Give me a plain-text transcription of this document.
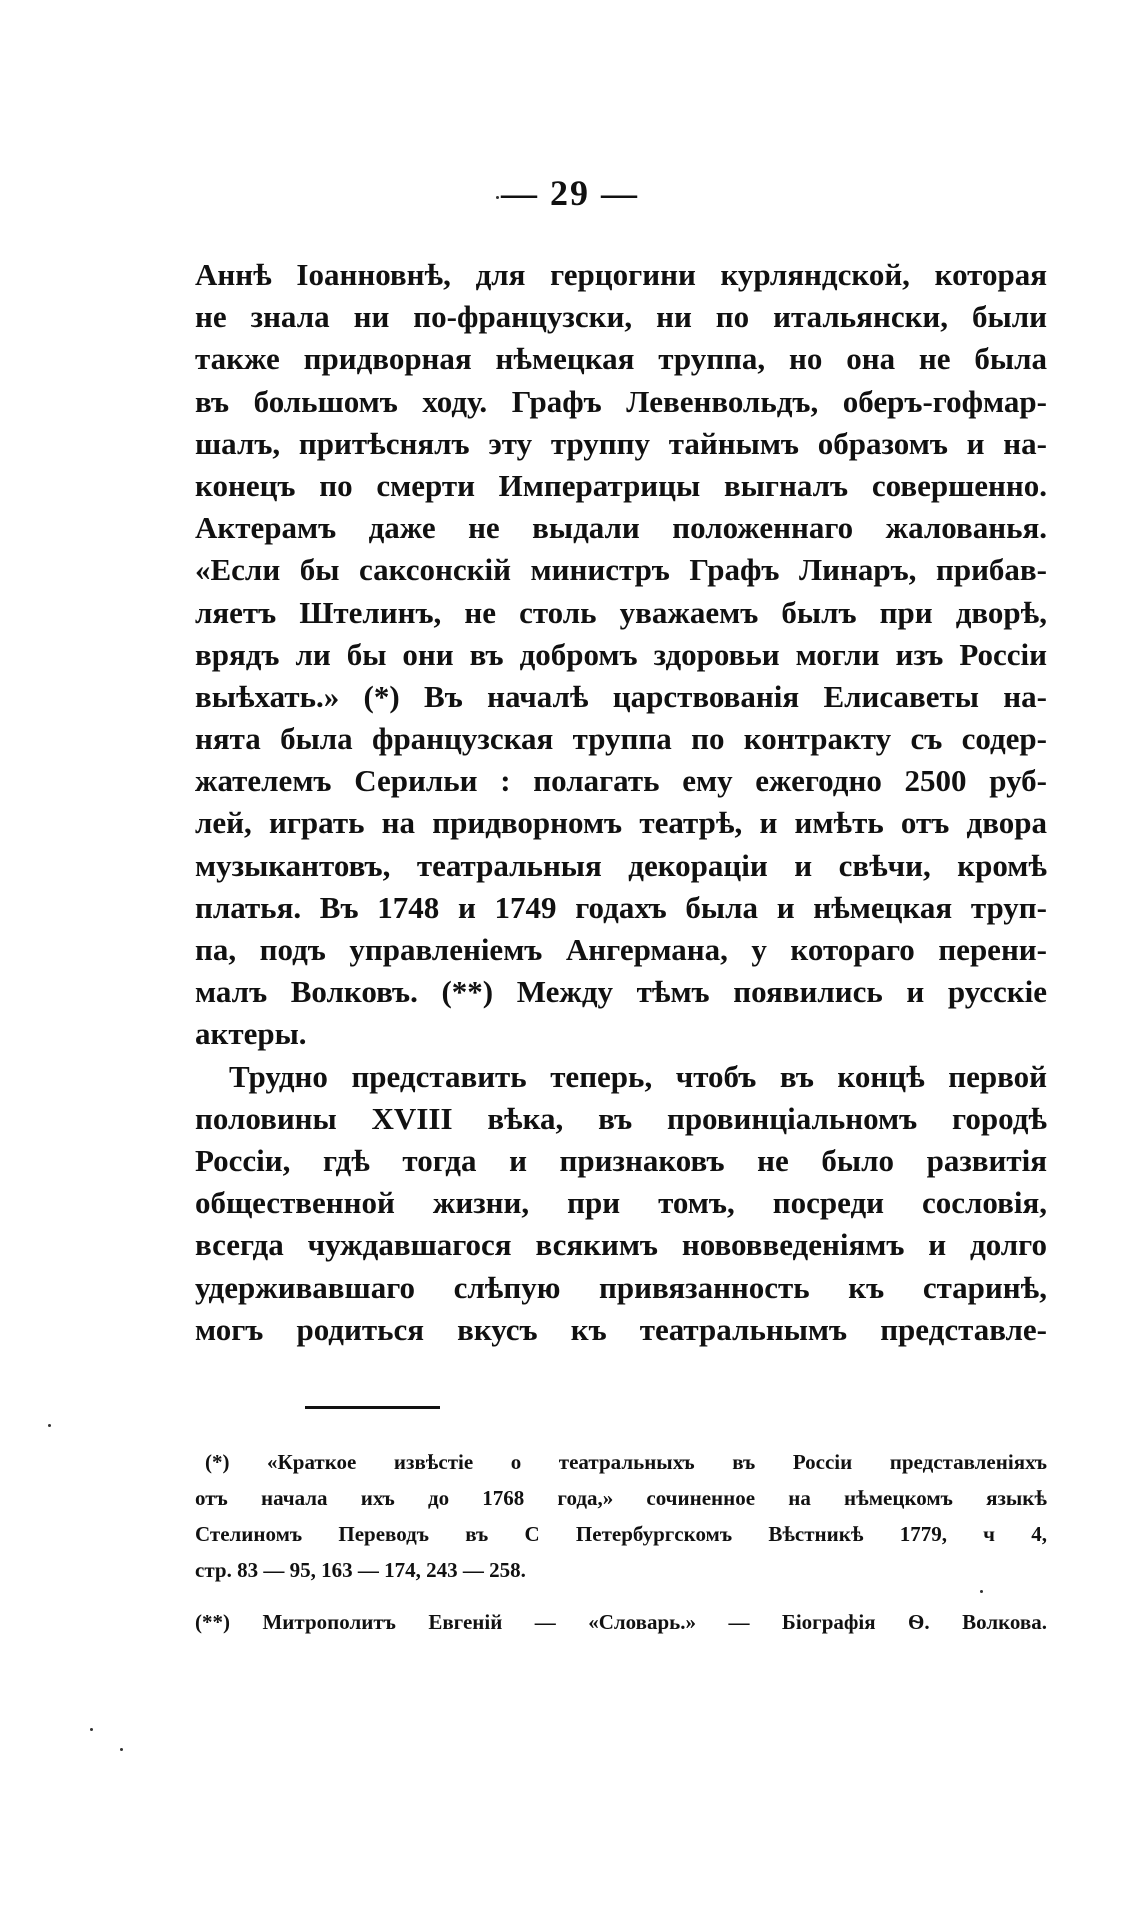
— 29 —
Аннѣ Іоанновнѣ, для герцогини курляндской, которая
не знала ни по-французски, ни по итальянски, были
также придворная нѣмецкая труппа, но она не была
въ большомъ ходу. Графъ Левенвольдъ, оберъ-гофмар-
шалъ, притѣснялъ эту труппу тайнымъ образомъ и на-
конецъ по смерти Императрицы выгналъ совершенно.
Актерамъ даже не выдали положеннаго жалованья.
«Если бы саксонскій министръ Графъ Линаръ, прибав-
ляетъ Штелинъ, не столь уважаемъ былъ при дворѣ,
врядъ ли бы они въ добромъ здоровьи могли изъ Россіи
выѣхать.» (*) Въ началѣ царствованія Елисаветы на-
нята была французская труппа по контракту съ содер-
жателемъ Серильи : полагать ему ежегодно 2500 руб-
лей, играть на придворномъ театрѣ, и имѣть отъ двора
музыкантовъ, театральныя декораціи и свѣчи, кромѣ
платья. Въ 1748 и 1749 годахъ была и нѣмецкая труп-
па, подъ управленіемъ Ангермана, у котораго перени-
малъ Волковъ. (**) Между тѣмъ появились и русскіе
актеры.
Трудно представить теперь, чтобъ въ концѣ первой
половины XVIII вѣка, въ провинціальномъ городѣ
Россіи, гдѣ тогда и признаковъ не было развитія
общественной жизни, при томъ, посреди сословія,
всегда чуждавшагося всякимъ нововведеніямъ и долго
удерживавшаго слѣпую привязанность къ старинѣ,
могъ родиться вкусъ къ театральнымъ представле-
(*) «Краткое извѣстіе о театральныхъ въ Россіи представленіяхъ
отъ начала ихъ до 1768 года,» сочиненное на нѣмецкомъ языкѣ
Стелиномъ Переводъ въ С Петербургскомъ Вѣстникѣ 1779, ч 4,
стр. 83 — 95, 163 — 174, 243 — 258.
(**) Митрополитъ Евгеній — «Словарь.» — Біографія Ѳ. Волкова.
